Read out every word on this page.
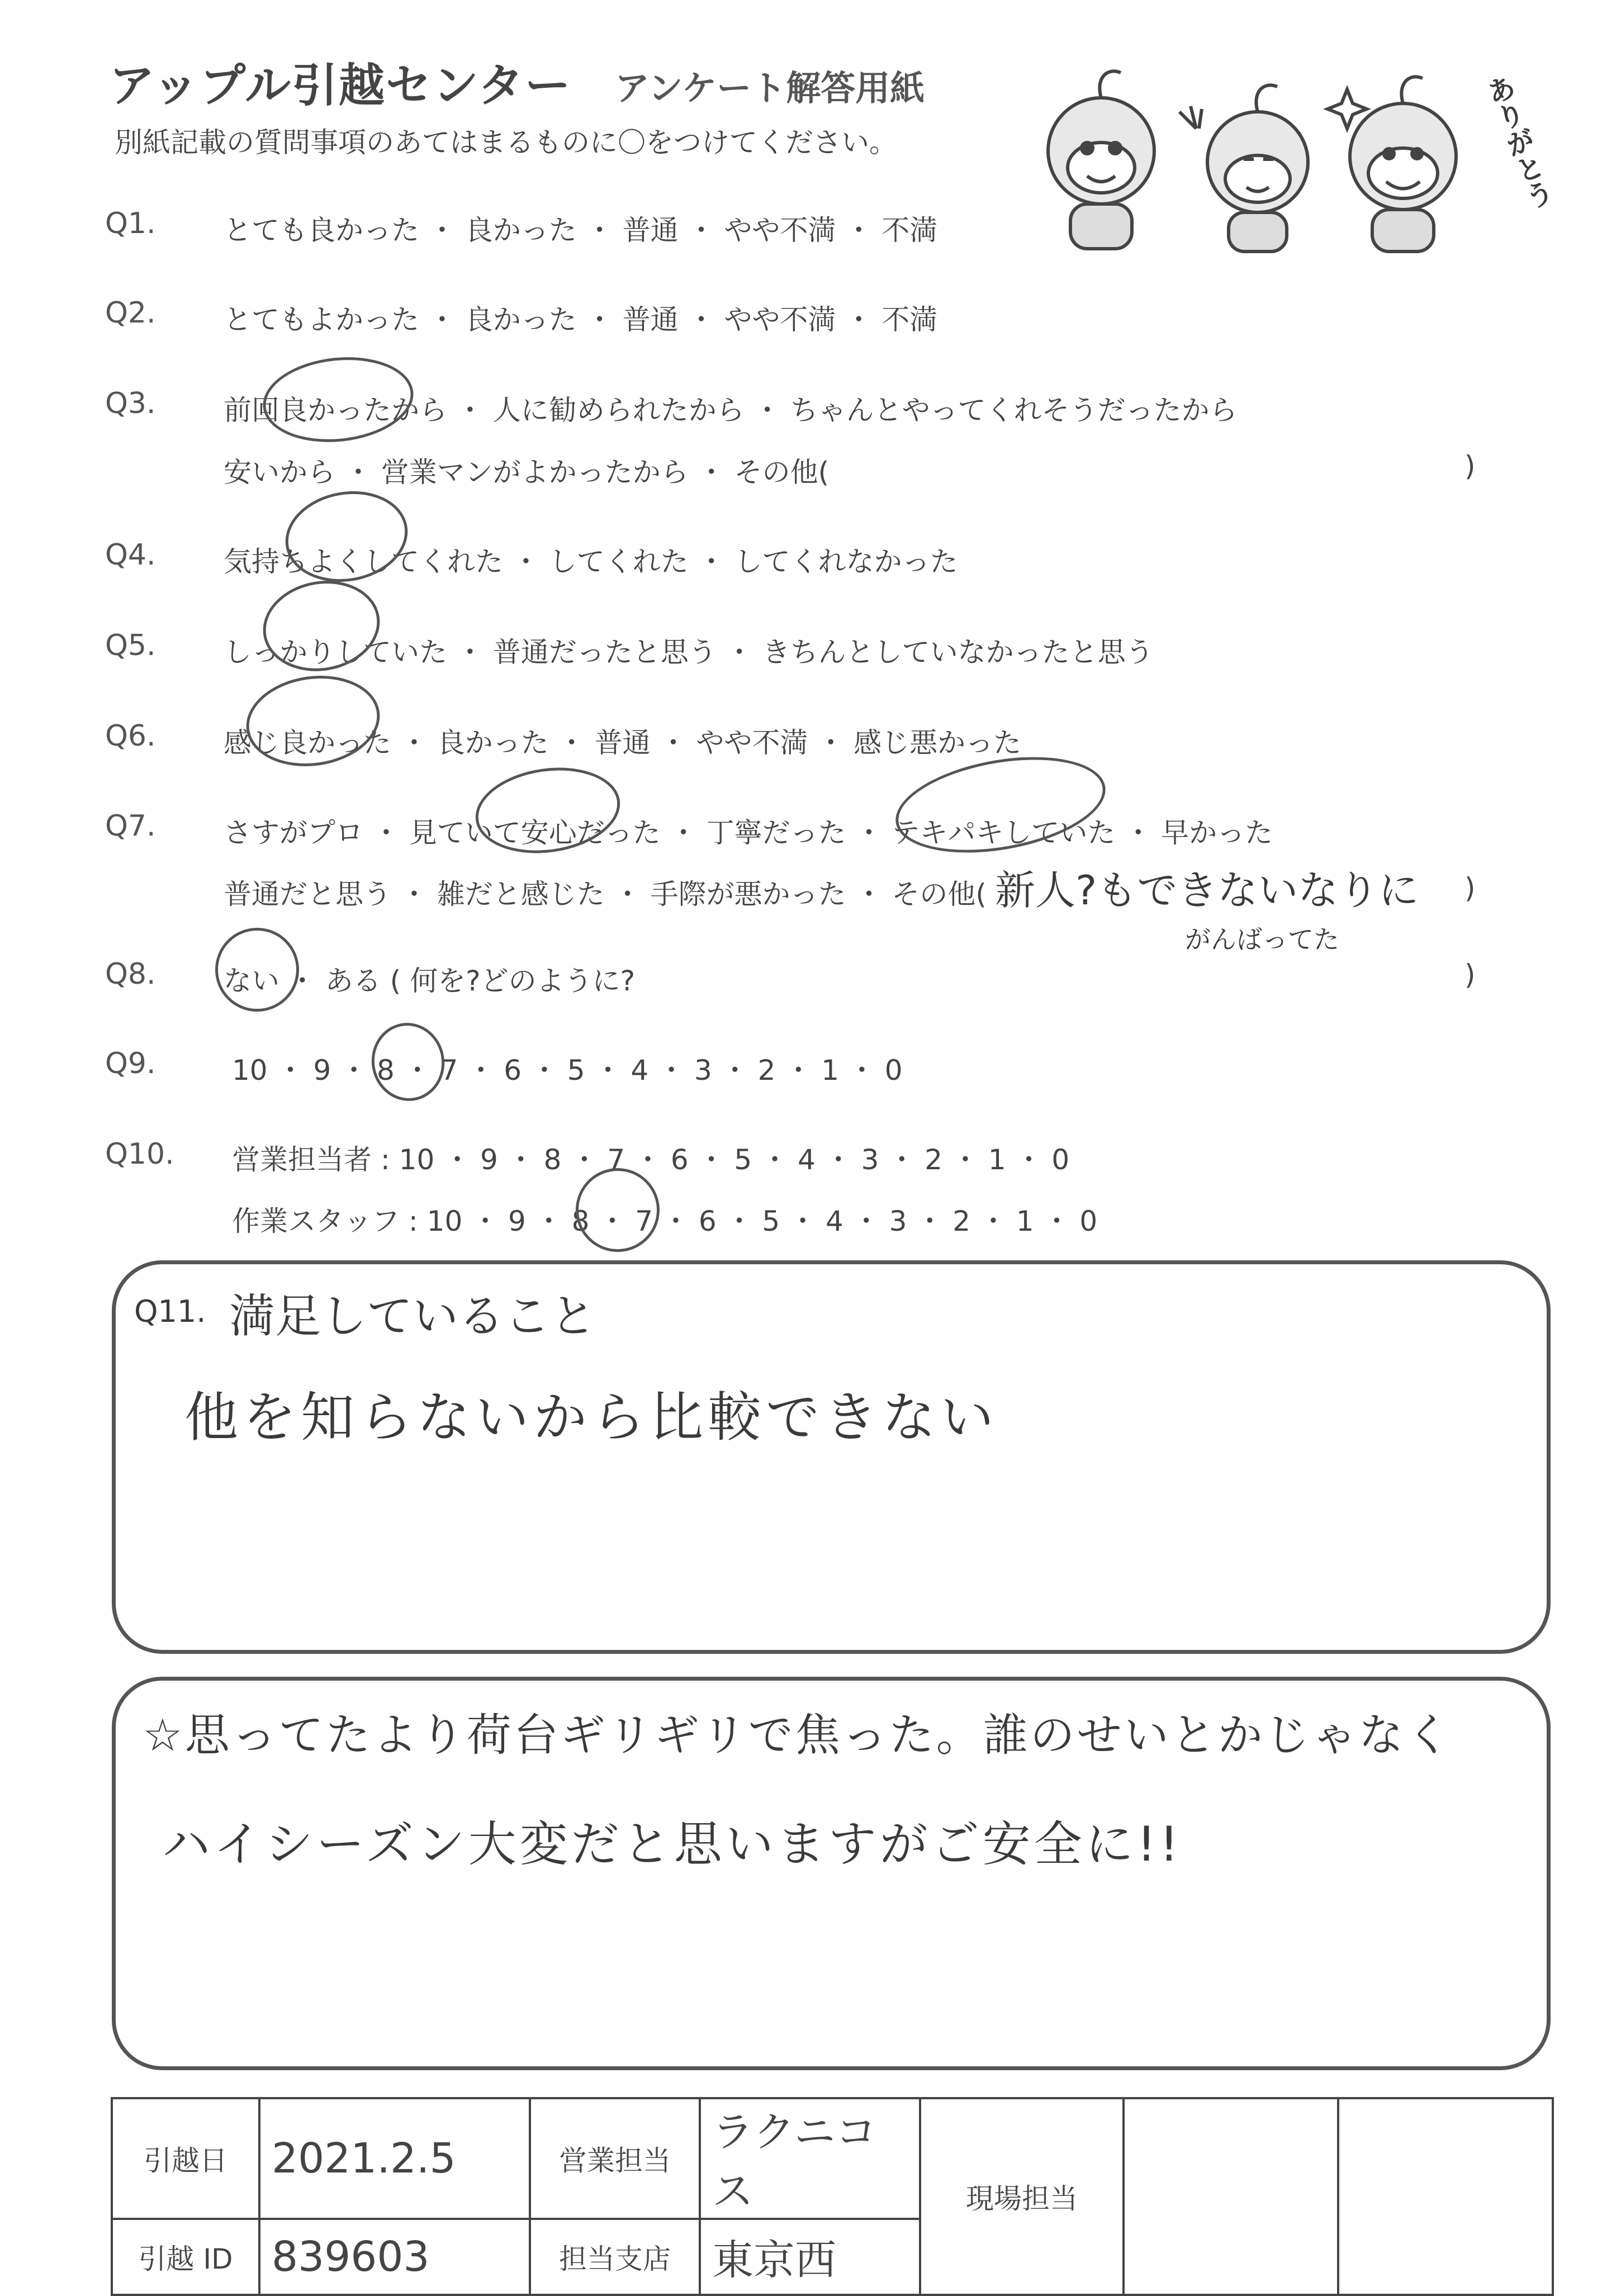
アップル引越センター アンケート解答用紙
別紙記載の質問事項のあてはまるものに〇をつけてください。	ありがとう
Q1. とても良かった ・ 良かった ・ 普通 ・ やや不満 ・ 不満
Q2. とてもよかった ・ 良かった ・ 普通 ・ やや不満 ・ 不満
Q3. 前回良かったから ・ 人に勧められたから ・ ちゃんとやってくれそうだったから
安いから ・ 営業マンがよかったから ・ その他(	)
Q4. 気持ちよくしてくれた ・ してくれた ・ してくれなかった
Q5. しっかりしていた ・ 普通だったと思う ・ きちんとしていなかったと思う
Q6. 感じ良かった ・ 良かった ・ 普通 ・ やや不満 ・ 感じ悪かった
Q7. さすがプロ ・ 見ていて安心だった ・ 丁寧だった ・ テキパキしていた ・ 早かった
普通だと思う ・ 雑だと感じた ・ 手際が悪かった ・ その他(	)
新人?もできないなりに
がんばってた
Q8. ない ・ ある ( 何を?どのように?	)
Q9.	10 ・ 9 ・ 8 ・ 7 ・ 6 ・ 5 ・ 4 ・ 3 ・ 2 ・ 1 ・ 0
Q10. 営業担当者 : 10 ・ 9 ・ 8 ・ 7 ・ 6 ・ 5 ・ 4 ・ 3 ・ 2 ・ 1 ・ 0
作業スタッフ : 10 ・ 9 ・ 8 ・ 7 ・ 6 ・ 5 ・ 4 ・ 3 ・ 2 ・ 1 ・ 0
Q11. 満足していること
他を知らないから比較できない
☆思ってたより荷台ギリギリで焦った。誰のせいとかじゃなく
ハイシーズン大変だと思いますがご安全に!!
引越日	2021.2.5	営業担当	ラクニコス	現場担当		
引越 ID	839603	担当支店	東京西			
